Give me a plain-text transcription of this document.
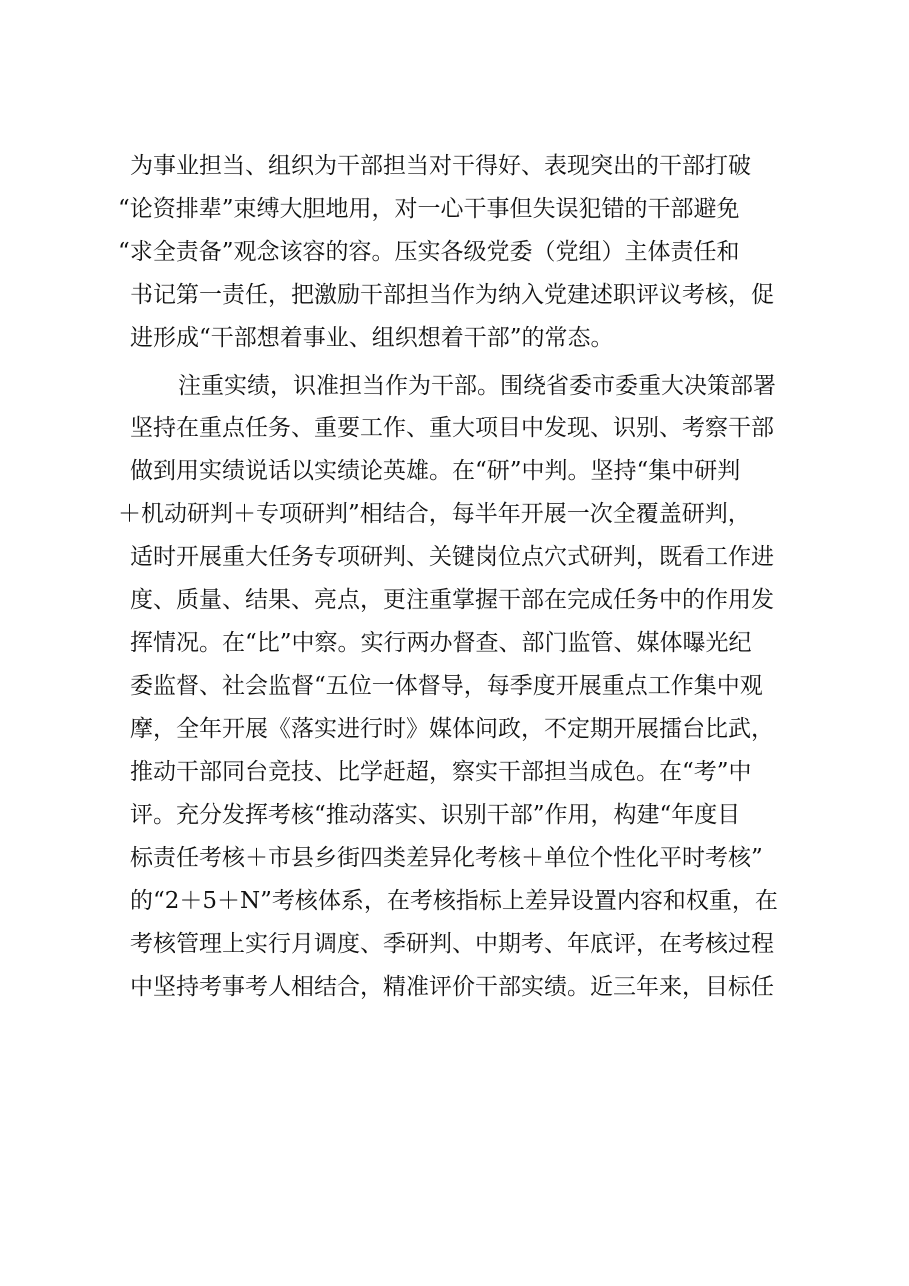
为事业担当、组织为干部担当对干得好、表现突出的干部打破
“论资排辈”束缚大胆地用，对一心干事但失误犯错的干部避免
“求全责备”观念该容的容。压实各级党委（党组）主体责任和
书记第一责任，把激励干部担当作为纳入党建述职评议考核，促
进形成“干部想着事业、组织想着干部”的常态。
注重实绩，识准担当作为干部。围绕省委市委重大决策部署
坚持在重点任务、重要工作、重大项目中发现、识别、考察干部
做到用实绩说话以实绩论英雄。在“研”中判。坚持“集中研判
＋机动研判＋专项研判”相结合，每半年开展一次全覆盖研判，
适时开展重大任务专项研判、关键岗位点穴式研判，既看工作进
度、质量、结果、亮点，更注重掌握干部在完成任务中的作用发
挥情况。在“比”中察。实行两办督查、部门监管、媒体曝光纪
委监督、社会监督“五位一体督导，每季度开展重点工作集中观
摩，全年开展《落实进行时》媒体问政，不定期开展擂台比武，
推动干部同台竞技、比学赶超，察实干部担当成色。在“考”中
评。充分发挥考核“推动落实、识别干部”作用，构建“年度目
标责任考核＋市县乡街四类差异化考核＋单位个性化平时考核”
的“2＋5＋N”考核体系，在考核指标上差异设置内容和权重，在
考核管理上实行月调度、季研判、中期考、年底评，在考核过程
中坚持考事考人相结合，精准评价干部实绩。近三年来，目标任
